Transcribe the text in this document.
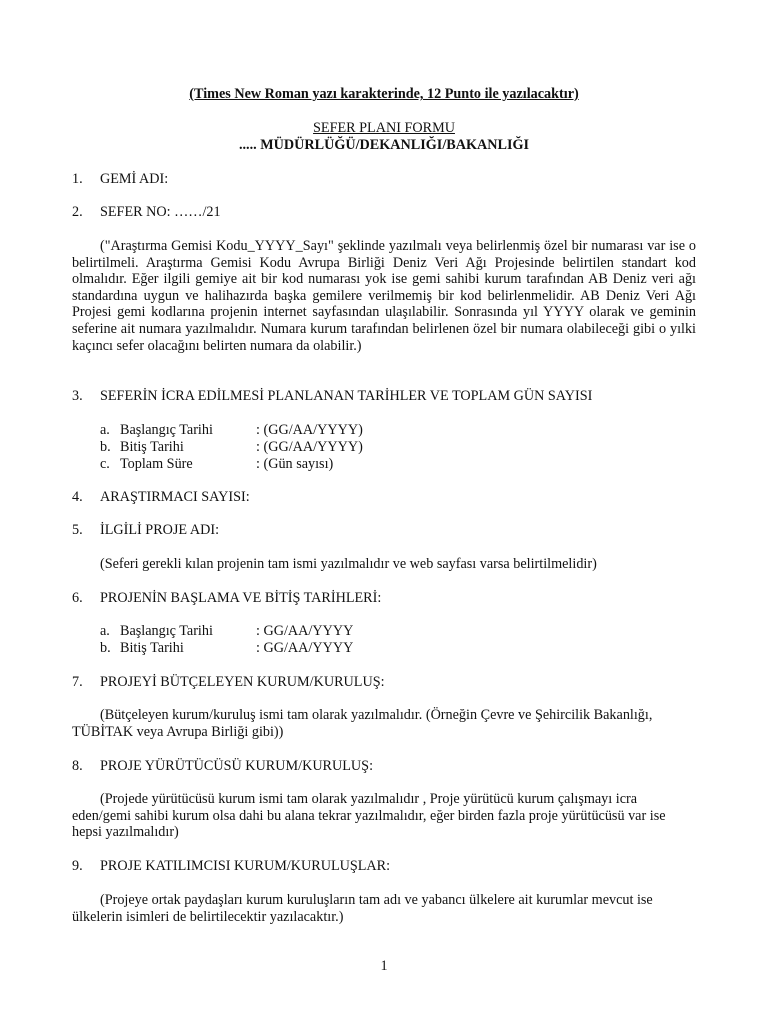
(Times New Roman yazı karakterinde, 12 Punto ile yazılacaktır)
SEFER PLANI FORMU
..... MÜDÜRLÜĞÜ/DEKANLIĞI/BAKANLIĞI
1. GEMİ ADI:
2. SEFER NO: ……/21
("Araştırma Gemisi Kodu_YYYY_Sayı" şeklinde yazılmalı veya belirlenmiş özel bir numarası var ise o belirtilmeli. Araştırma Gemisi Kodu Avrupa Birliği Deniz Veri Ağı Projesinde belirtilen standart kod olmalıdır. Eğer ilgili gemiye ait bir kod numarası yok ise gemi sahibi kurum tarafından AB Deniz veri ağı standardına uygun ve halihazırda başka gemilere verilmemiş bir kod belirlenmelidir. AB Deniz Veri Ağı Projesi gemi kodlarına projenin internet sayfasından ulaşılabilir. Sonrasında yıl YYYY olarak ve geminin seferine ait numara yazılmalıdır. Numara kurum tarafından belirlenen özel bir numara olabileceği gibi o yılki kaçıncı sefer olacağını belirten numara da olabilir.)
3. SEFERİN İCRA EDİLMESİ PLANLANAN TARİHLER VE TOPLAM GÜN SAYISI
a. Başlangıç Tarihi	: (GG/AA/YYYY)
b. Bitiş Tarihi	: (GG/AA/YYYY)
c. Toplam Süre	: (Gün sayısı)
4. ARAŞTIRMACI SAYISI:
5. İLGİLİ PROJE ADI:
(Seferi gerekli kılan projenin tam ismi yazılmalıdır ve web sayfası varsa belirtilmelidir)
6. PROJENİN BAŞLAMA VE BİTİŞ TARİHLERİ:
a. Başlangıç Tarihi	: GG/AA/YYYY
b. Bitiş Tarihi	: GG/AA/YYYY
7. PROJEYİ BÜTÇELEYEN KURUM/KURULUŞ:
(Bütçeleyen kurum/kuruluş ismi tam olarak yazılmalıdır. (Örneğin Çevre ve Şehircilik Bakanlığı, TÜBİTAK veya Avrupa Birliği gibi))
8. PROJE YÜRÜTÜCÜSÜ KURUM/KURULUŞ:
(Projede yürütücüsü kurum ismi tam olarak yazılmalıdır , Proje yürütücü kurum çalışmayı icra eden/gemi sahibi kurum olsa dahi bu alana tekrar yazılmalıdır, eğer birden fazla proje yürütücüsü var ise hepsi yazılmalıdır)
9. PROJE KATILIMCISI KURUM/KURULUŞLAR:
(Projeye ortak paydaşları kurum kuruluşların tam adı ve yabancı ülkelere ait kurumlar mevcut ise ülkelerin isimleri de belirtilecektir yazılacaktır.)
1
